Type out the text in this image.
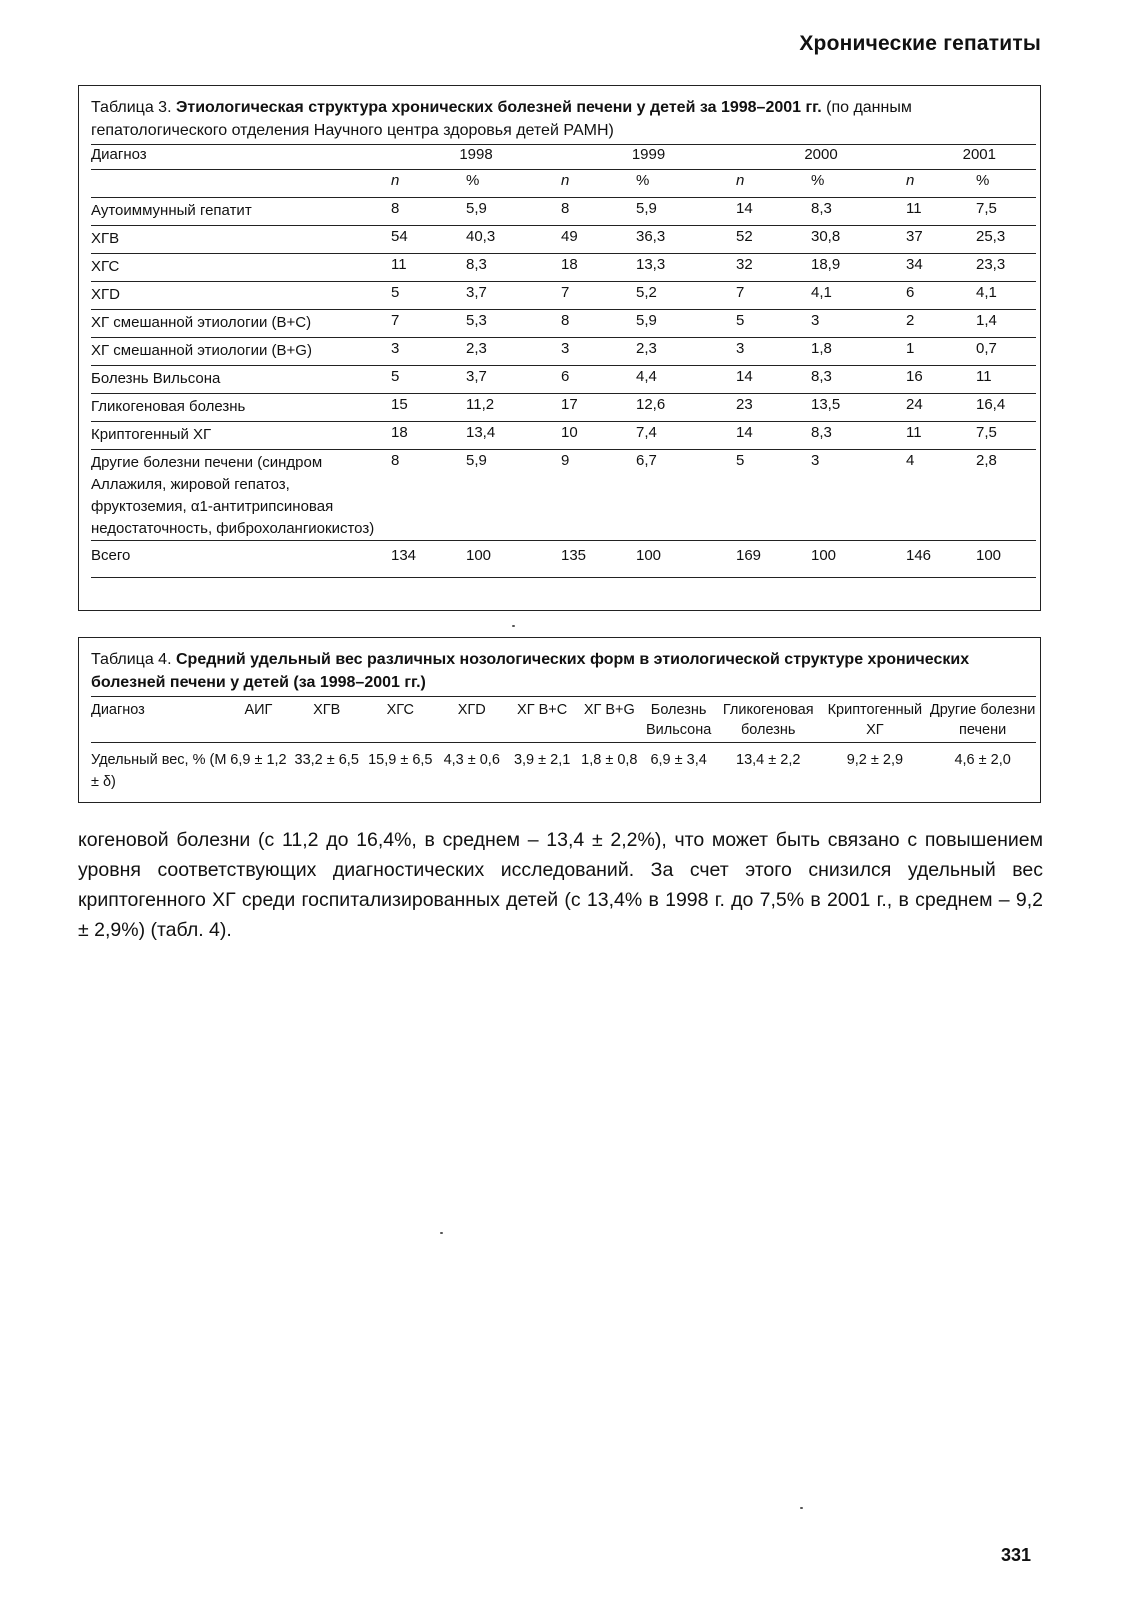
Хронические гепатиты
Таблица 3. Этиологическая структура хронических болезней печени у детей за 1998–2001 гг. (по данным гепатологического отделения Научного центра здоровья детей РАМН)
Диагноз	1998		1999		2000		2001	
	n	%	n	%	n	%	n	%
Аутоиммунный гепатит	8	5,9	8	5,9	14	8,3	11	7,5
ХГВ	54	40,3	49	36,3	52	30,8	37	25,3
ХГС	11	8,3	18	13,3	32	18,9	34	23,3
ХГD	5	3,7	7	5,2	7	4,1	6	4,1
ХГ смешанной этиологии (В+С)	7	5,3	8	5,9	5	3	2	1,4
ХГ смешанной этиологии (В+G)	3	2,3	3	2,3	3	1,8	1	0,7
Болезнь Вильсона	5	3,7	6	4,4	14	8,3	16	11
Гликогеновая болезнь	15	11,2	17	12,6	23	13,5	24	16,4
Криптогенный ХГ	18	13,4	10	7,4	14	8,3	11	7,5
Другие болезни печени (синдром Аллажиля, жировой гепатоз, фруктоземия, α1-антитрипсиновая недостаточность, фиброхолангиокистоз)	8	5,9	9	6,7	5	3	4	2,8
Всего	134	100	135	100	169	100	146	100
Таблица 4. Средний удельный вес различных нозологических форм в этиологической структуре хронических болезней печени у детей (за 1998–2001 гг.)
Диагноз	АИГ	ХГВ	ХГС	ХГD	ХГ В+С	ХГ В+G	Болезнь Вильсона	Гликогеновая болезнь	Криптогенный ХГ	Другие болезни печени
Удельный вес, % (M ± δ)	6,9 ± 1,2	33,2 ± 6,5	15,9 ± 6,5	4,3 ± 0,6	3,9 ± 2,1	1,8 ± 0,8	6,9 ± 3,4	13,4 ± 2,2	9,2 ± 2,9	4,6 ± 2,0
когеновой болезни (с 11,2 до 16,4%, в среднем – 13,4 ± 2,2%), что может быть связано с повышением уровня соответствующих диагностических исследований. За счет этого снизился удельный вес криптогенного ХГ среди госпитализированных детей (с 13,4% в 1998 г. до 7,5% в 2001 г., в среднем – 9,2 ± 2,9%) (табл. 4).
331
